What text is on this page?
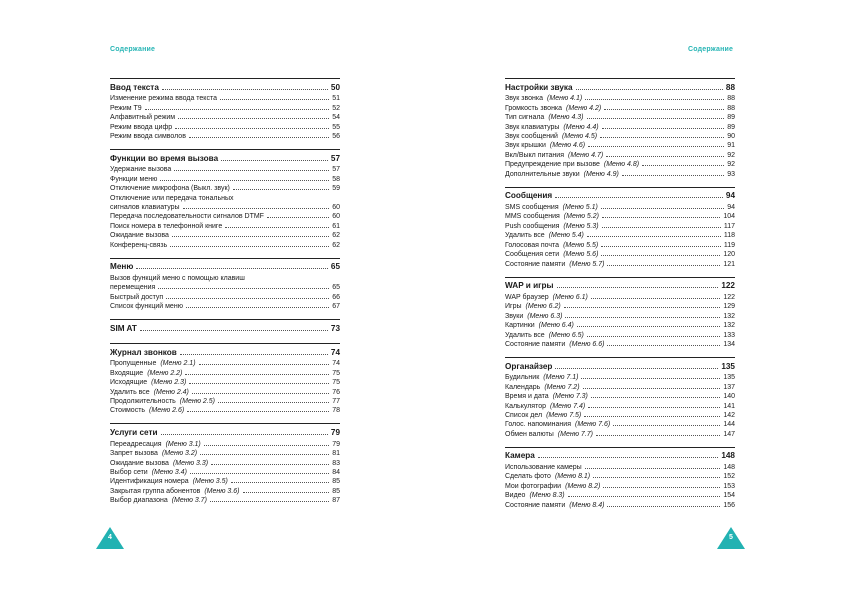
Содержание	Содержание
Ввод текста	50
Изменение режима ввода текста	51
Режим T9	52
Алфавитный режим	54
Режим ввода цифр	55
Режим ввода символов	56
Функции во время вызова	57
Удержание вызова	57
Функции меню	58
Отключение микрофона (Выкл. звук)	59
Отключение или передача тональных
сигналов клавиатуры	60
Передача последовательности сигналов DTMF	60
Поиск номера в телефонной книге	61
Ожидание вызова	62
Конференц-связь	62
Меню	65
Вызов функций меню с помощью клавиш
перемещения	65
Быстрый доступ	66
Список функций меню	67
SIM AT	73
Журнал звонков	74
Пропущенные (Меню 2.1)	74
Входящие (Меню 2.2)	75
Исходящие (Меню 2.3)	75
Удалить все (Меню 2.4)	76
Продолжительность (Меню 2.5)	77
Стоимость (Меню 2.6)	78
Услуги сети	79
Переадресация (Меню 3.1)	79
Запрет вызова (Меню 3.2)	81
Ожидание вызова (Меню 3.3)	83
Выбор сети (Меню 3.4)	84
Идентификация номера (Меню 3.5)	85
Закрытая группа абонентов (Меню 3.6)	85
Выбор диапазона (Меню 3.7)	87
Настройки звука	88
Звук звонка (Меню 4.1)	88
Громкость звонка (Меню 4.2)	88
Тип сигнала (Меню 4.3)	89
Звук клавиатуры (Меню 4.4)	89
Звук сообщений (Меню 4.5)	90
Звук крышки (Меню 4.6)	91
Вкл/Выкл питания (Меню 4.7)	92
Предупреждение при вызове (Меню 4.8)	92
Дополнительные звуки (Меню 4.9)	93
Сообщения	94
SMS сообщения (Меню 5.1)	94
MMS сообщения (Меню 5.2)	104
Push сообщения (Меню 5.3)	117
Удалить все (Меню 5.4)	118
Голосовая почта (Меню 5.5)	119
Сообщения сети (Меню 5.6)	120
Состояние памяти (Меню 5.7)	121
WAP и игры	122
WAP браузер (Меню 6.1)	122
Игры (Меню 6.2)	129
Звуки (Меню 6.3)	132
Картинки (Меню 6.4)	132
Удалить все (Меню 6.5)	133
Состояние памяти (Меню 6.6)	134
Органайзер	135
Будильник (Меню 7.1)	135
Календарь (Меню 7.2)	137
Время и дата (Меню 7.3)	140
Калькулятор (Меню 7.4)	141
Список дел (Меню 7.5)	142
Голос. напоминания (Меню 7.6)	144
Обмен валюты (Меню 7.7)	147
Камера	148
Использование камеры	148
Сделать фото (Меню 8.1)	152
Мои фотографии (Меню 8.2)	153
Видео (Меню 8.3)	154
Состояние памяти (Меню 8.4)	156
4	5
